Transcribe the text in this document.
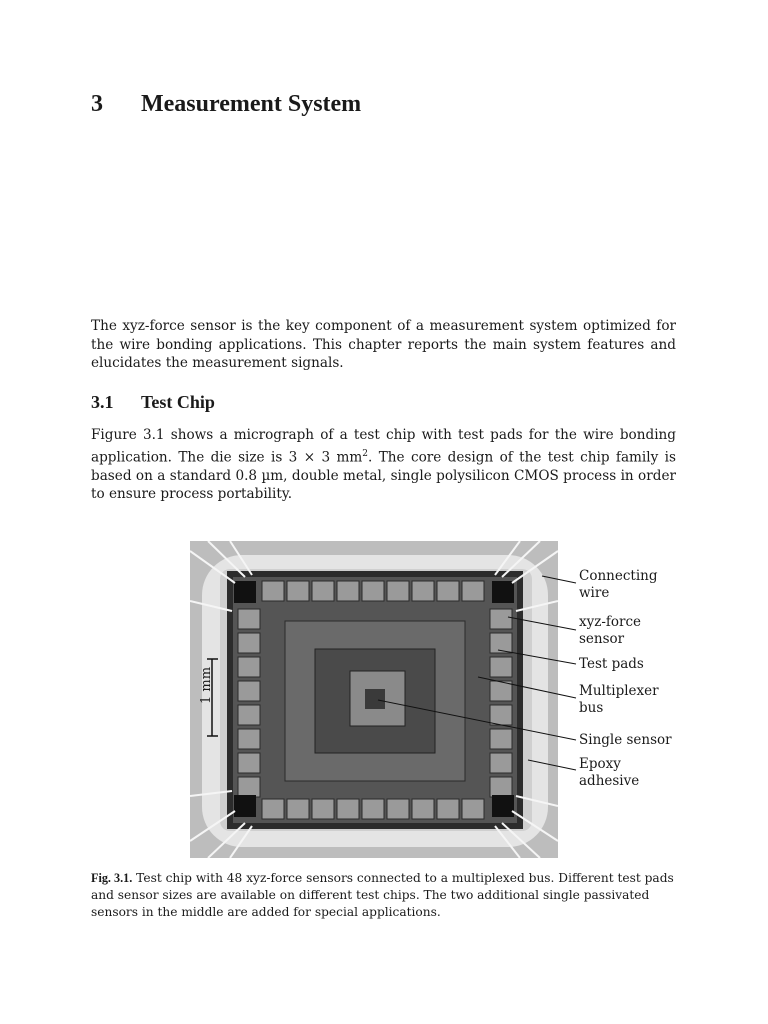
3	Measurement System

The xyz-force sensor is the key component of a measurement system optimized for the wire bonding applications. This chapter reports the main system features and elucidates the measurement signals.

3.1	Test Chip

Figure 3.1 shows a micrograph of a test chip with test pads for the wire bonding application. The die size is 3 × 3 $mm^2$. The core design of the test chip family is based on a standard 0.8 µm, double metal, single polysilicon CMOS process in order to ensure process portability.

1 mm
Connecting
wire
xyz-force
sensor
Test pads
Multiplexer
bus
Single sensor
Epoxy
adhesive

Fig. 3.1. Test chip with 48 xyz-force sensors connected to a multiplexed bus. Different test pads and sensor sizes are available on different test chips. The two additional single passivated sensors in the middle are added for special applications.
